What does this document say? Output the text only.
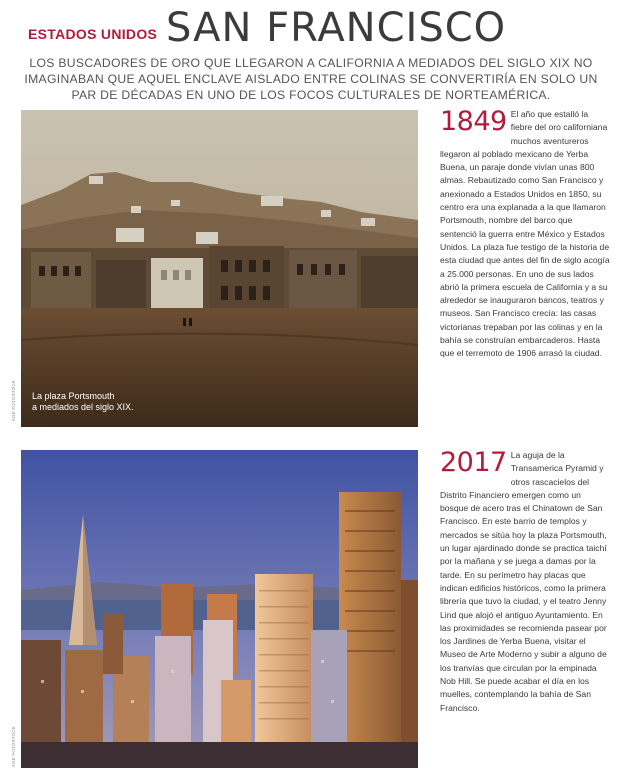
ESTADOS UNIDOS SAN FRANCISCO
LOS BUSCADORES DE ORO QUE LLEGARON A CALIFORNIA A MEDIADOS DEL SIGLO XIX NO IMAGINABAN QUE AQUEL ENCLAVE AISLADO ENTRE COLINAS SE CONVERTIRÍA EN SOLO UN PAR DE DÉCADAS EN UNO DE LOS FOCOS CULTURALES DE NORTEAMÉRICA.
La plaza Portsmouth
a mediados del siglo XIX.
AGE FOTOSTOCK
AGE FOTOSTOCK
1849 El año que estalló la fiebre del oro californiana muchos aventureros llegaron al poblado mexicano de Yerba Buena, un paraje donde vivían unas 800 almas. Rebautizado como San Francisco y anexionado a Estados Unidos en 1850, su centro era una explanada a la que llamaron Portsmouth, nombre del barco que sentenció la guerra entre México y Estados Unidos. La plaza fue testigo de la historia de esta ciudad que antes del fin de siglo acogía a 25.000 personas. En uno de sus lados abrió la primera escuela de California y a su alrededor se inauguraron bancos, teatros y museos. San Francisco crecía: las casas victorianas trepaban por las colinas y en la bahía se construían embarcaderos. Hasta que el terremoto de 1906 arrasó la ciudad.
2017 La aguja de la Transamerica Pyramid y otros rascacielos del Distrito Financiero emergen como un bosque de acero tras el Chinatown de San Francisco. En este barrio de templos y mercados se sitúa hoy la plaza Portsmouth, un lugar ajardinado donde se practica taichí por la mañana y se juega a damas por la tarde. En su perímetro hay placas que indican edificios históricos, como la primera librería que tuvo la ciudad, y el teatro Jenny Lind que alojó el antiguo Ayuntamiento. En las proximidades se recomienda pasear por los Jardines de Yerba Buena, visitar el Museo de Arte Moderno y subir a alguno de los tranvías que circulan por la empinada Nob Hill. Se puede acabar el día en los muelles, contemplando la bahía de San Francisco.
